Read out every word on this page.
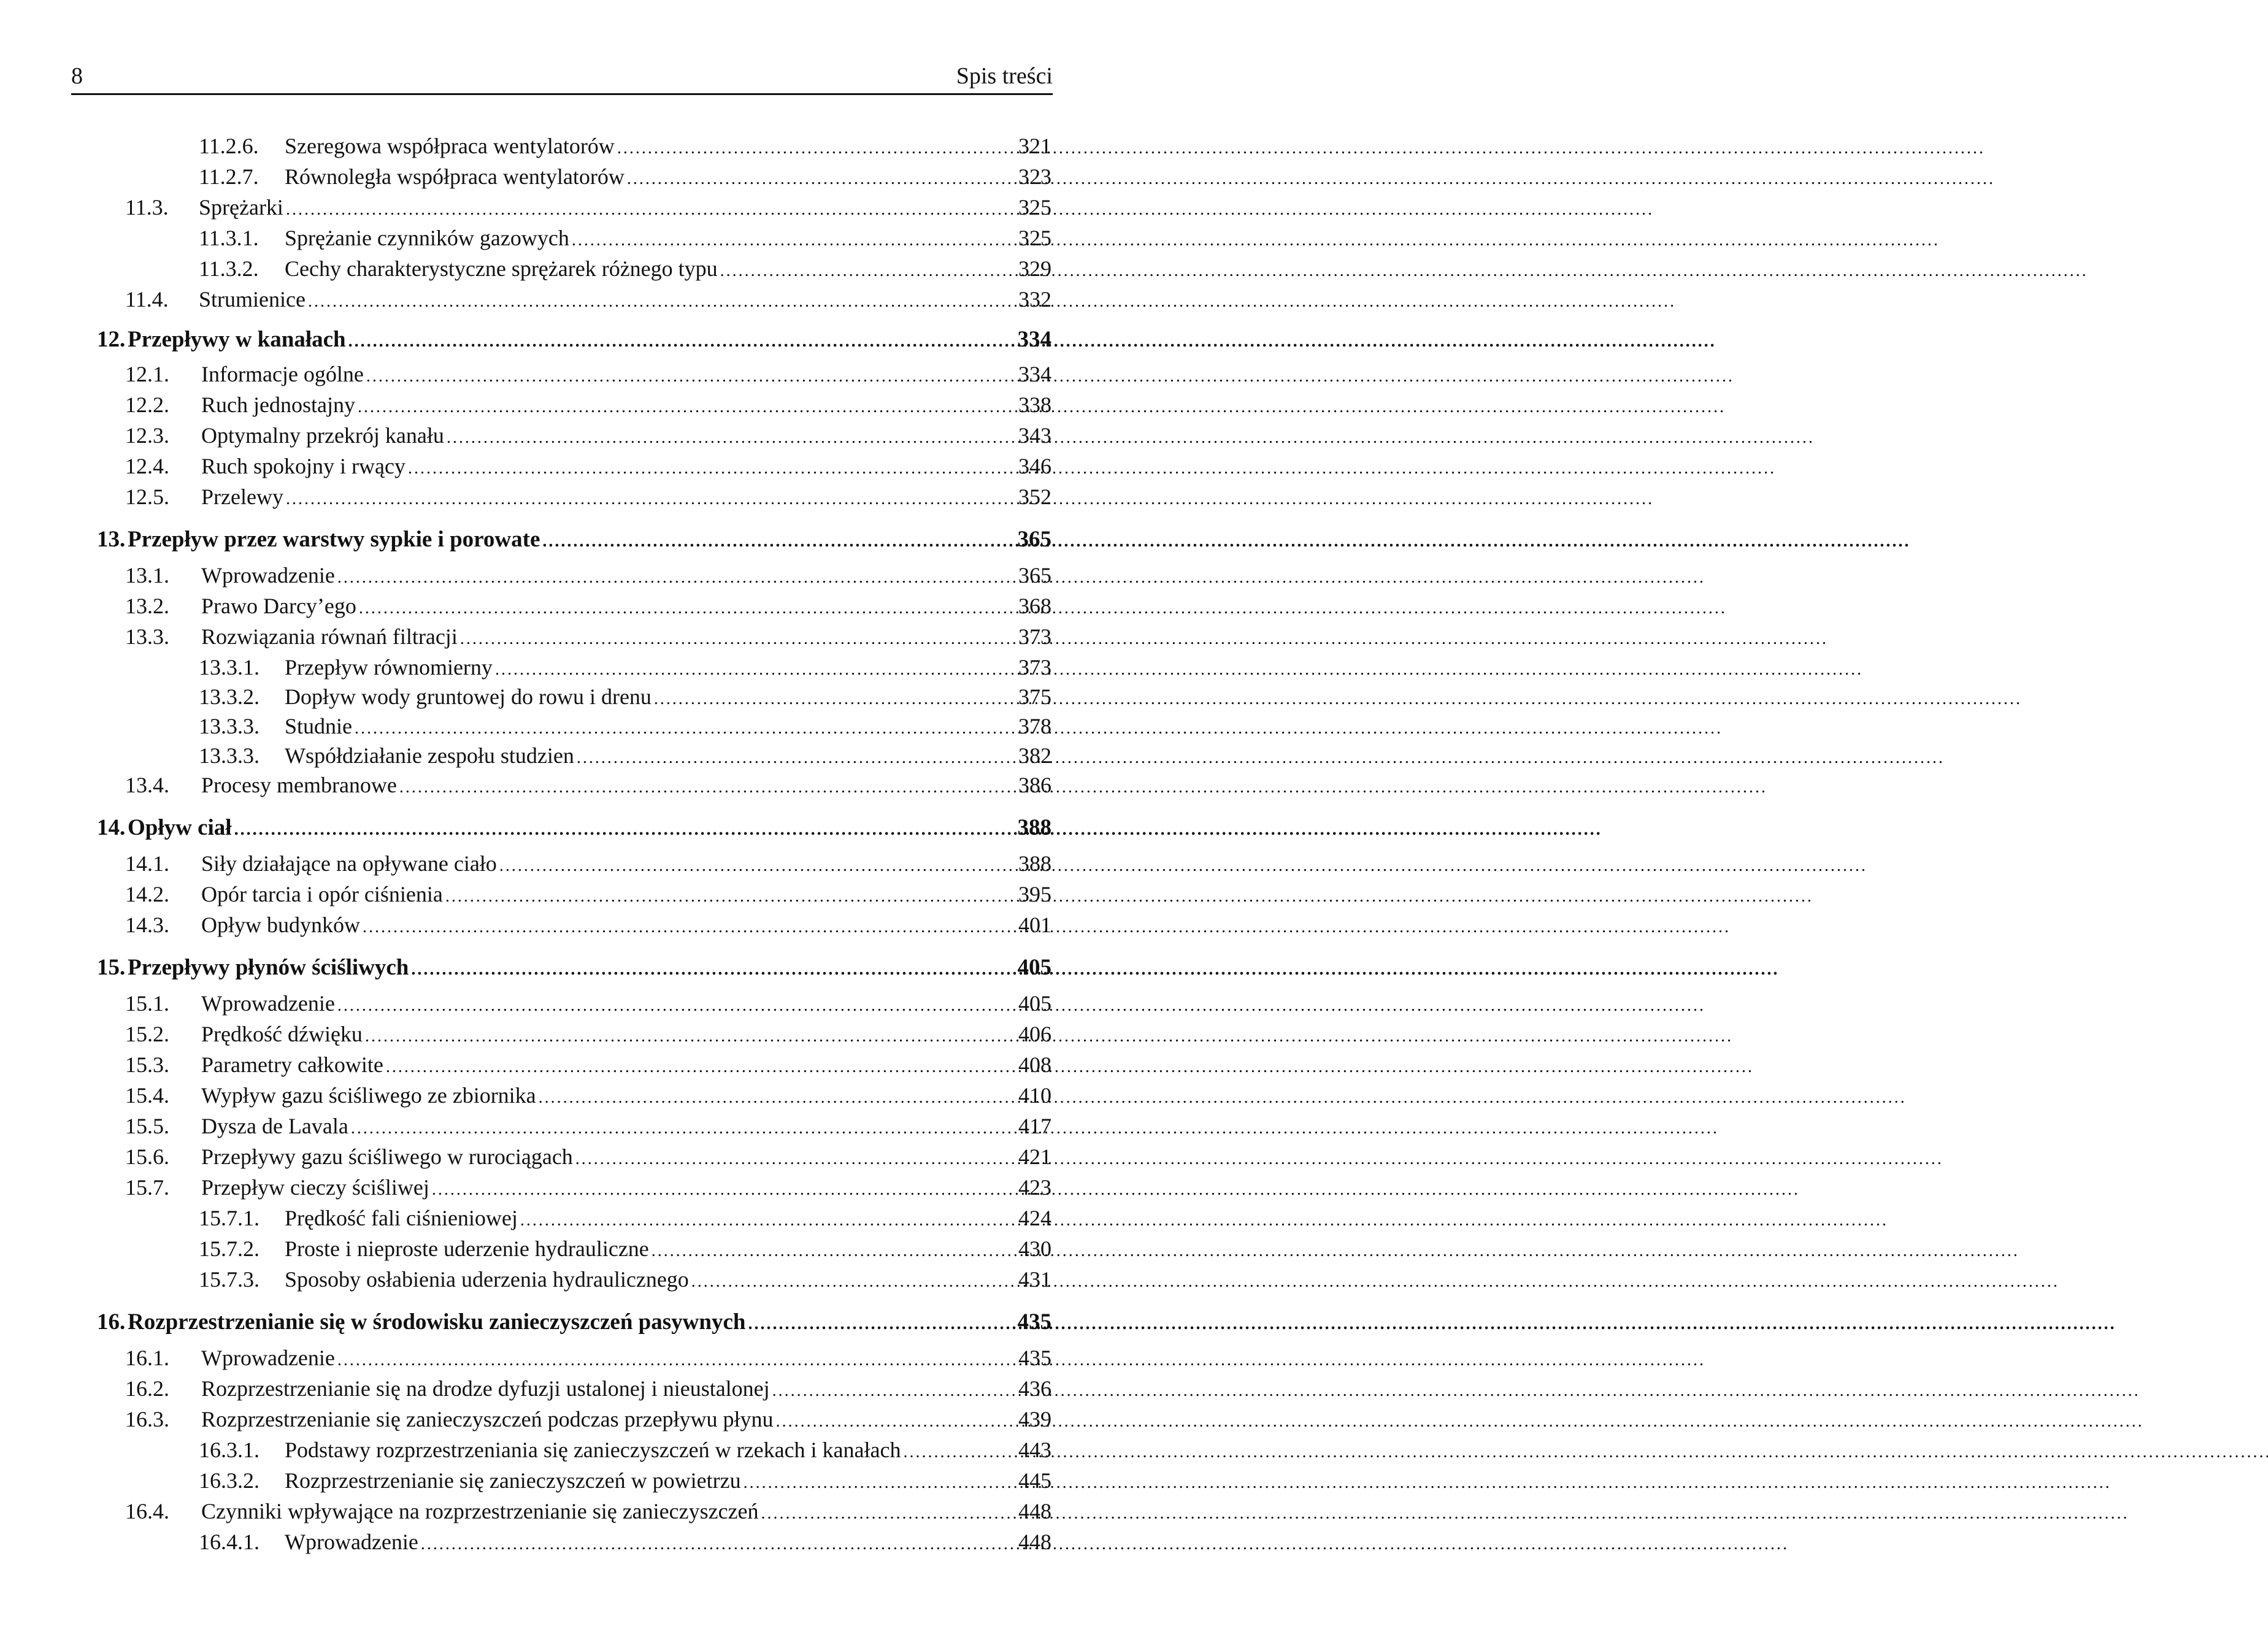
8	Spis treści
11.2.6.	Szeregowa współpraca wentylatorów . . .	321
11.2.7.	Równoległa współpraca wentylatorów . . .	323
11.3.	Sprężarki . . .	325
11.3.1.	Sprężanie czynników gazowych . . .	325
11.3.2.	Cechy charakterystyczne sprężarek różnego typu . . .	329
11.4.	Strumienice . . .	332
12. Przepływy w kanałach . . .	334
12.1.	Informacje ogólne . . .	334
12.2.	Ruch jednostajny . . .	338
12.3.	Optymalny przekrój kanału . . .	343
12.4.	Ruch spokojny i rwący . . .	346
12.5.	Przelewy . . .	352
13. Przepływ przez warstwy sypkie i porowate . . .	365
13.1.	Wprowadzenie . . .	365
13.2.	Prawo Darcy’ego . . .	368
13.3.	Rozwiązania równań filtracji . . .	373
13.3.1.	Przepływ równomierny . . .	373
13.3.2.	Dopływ wody gruntowej do rowu i drenu . . .	375
13.3.3.	Studnie . . .	378
13.3.3.	Współdziałanie zespołu studzien . . .	382
13.4.	Procesy membranowe . . .	386
14. Opływ ciał . . .	388
14.1.	Siły działające na opływane ciało . . .	388
14.2.	Opór tarcia i opór ciśnienia . . .	395
14.3.	Opływ budynków . . .	401
15. Przepływy płynów ściśliwych . . .	405
15.1.	Wprowadzenie . . .	405
15.2.	Prędkość dźwięku . . .	406
15.3.	Parametry całkowite . . .	408
15.4.	Wypływ gazu ściśliwego ze zbiornika . . .	410
15.5.	Dysza de Lavala . . .	417
15.6.	Przepływy gazu ściśliwego w rurociągach . . .	421
15.7.	Przepływ cieczy ściśliwej . . .	423
15.7.1.	Prędkość fali ciśnieniowej . . .	424
15.7.2.	Proste i nieproste uderzenie hydrauliczne . . .	430
15.7.3.	Sposoby osłabienia uderzenia hydraulicznego . . .	431
16. Rozprzestrzenianie się w środowisku zanieczyszczeń pasywnych . . .	435
16.1.	Wprowadzenie . . .	435
16.2.	Rozprzestrzenianie się na drodze dyfuzji ustalonej i nieustalonej . . .	436
16.3.	Rozprzestrzenianie się zanieczyszczeń podczas przepływu płynu . . .	439
16.3.1.	Podstawy rozprzestrzeniania się zanieczyszczeń w rzekach i kanałach . . .	443
16.3.2.	Rozprzestrzenianie się zanieczyszczeń w powietrzu . . .	445
16.4.	Czynniki wpływające na rozprzestrzenianie się zanieczyszczeń . . .	448
16.4.1.	Wprowadzenie . . .	448
